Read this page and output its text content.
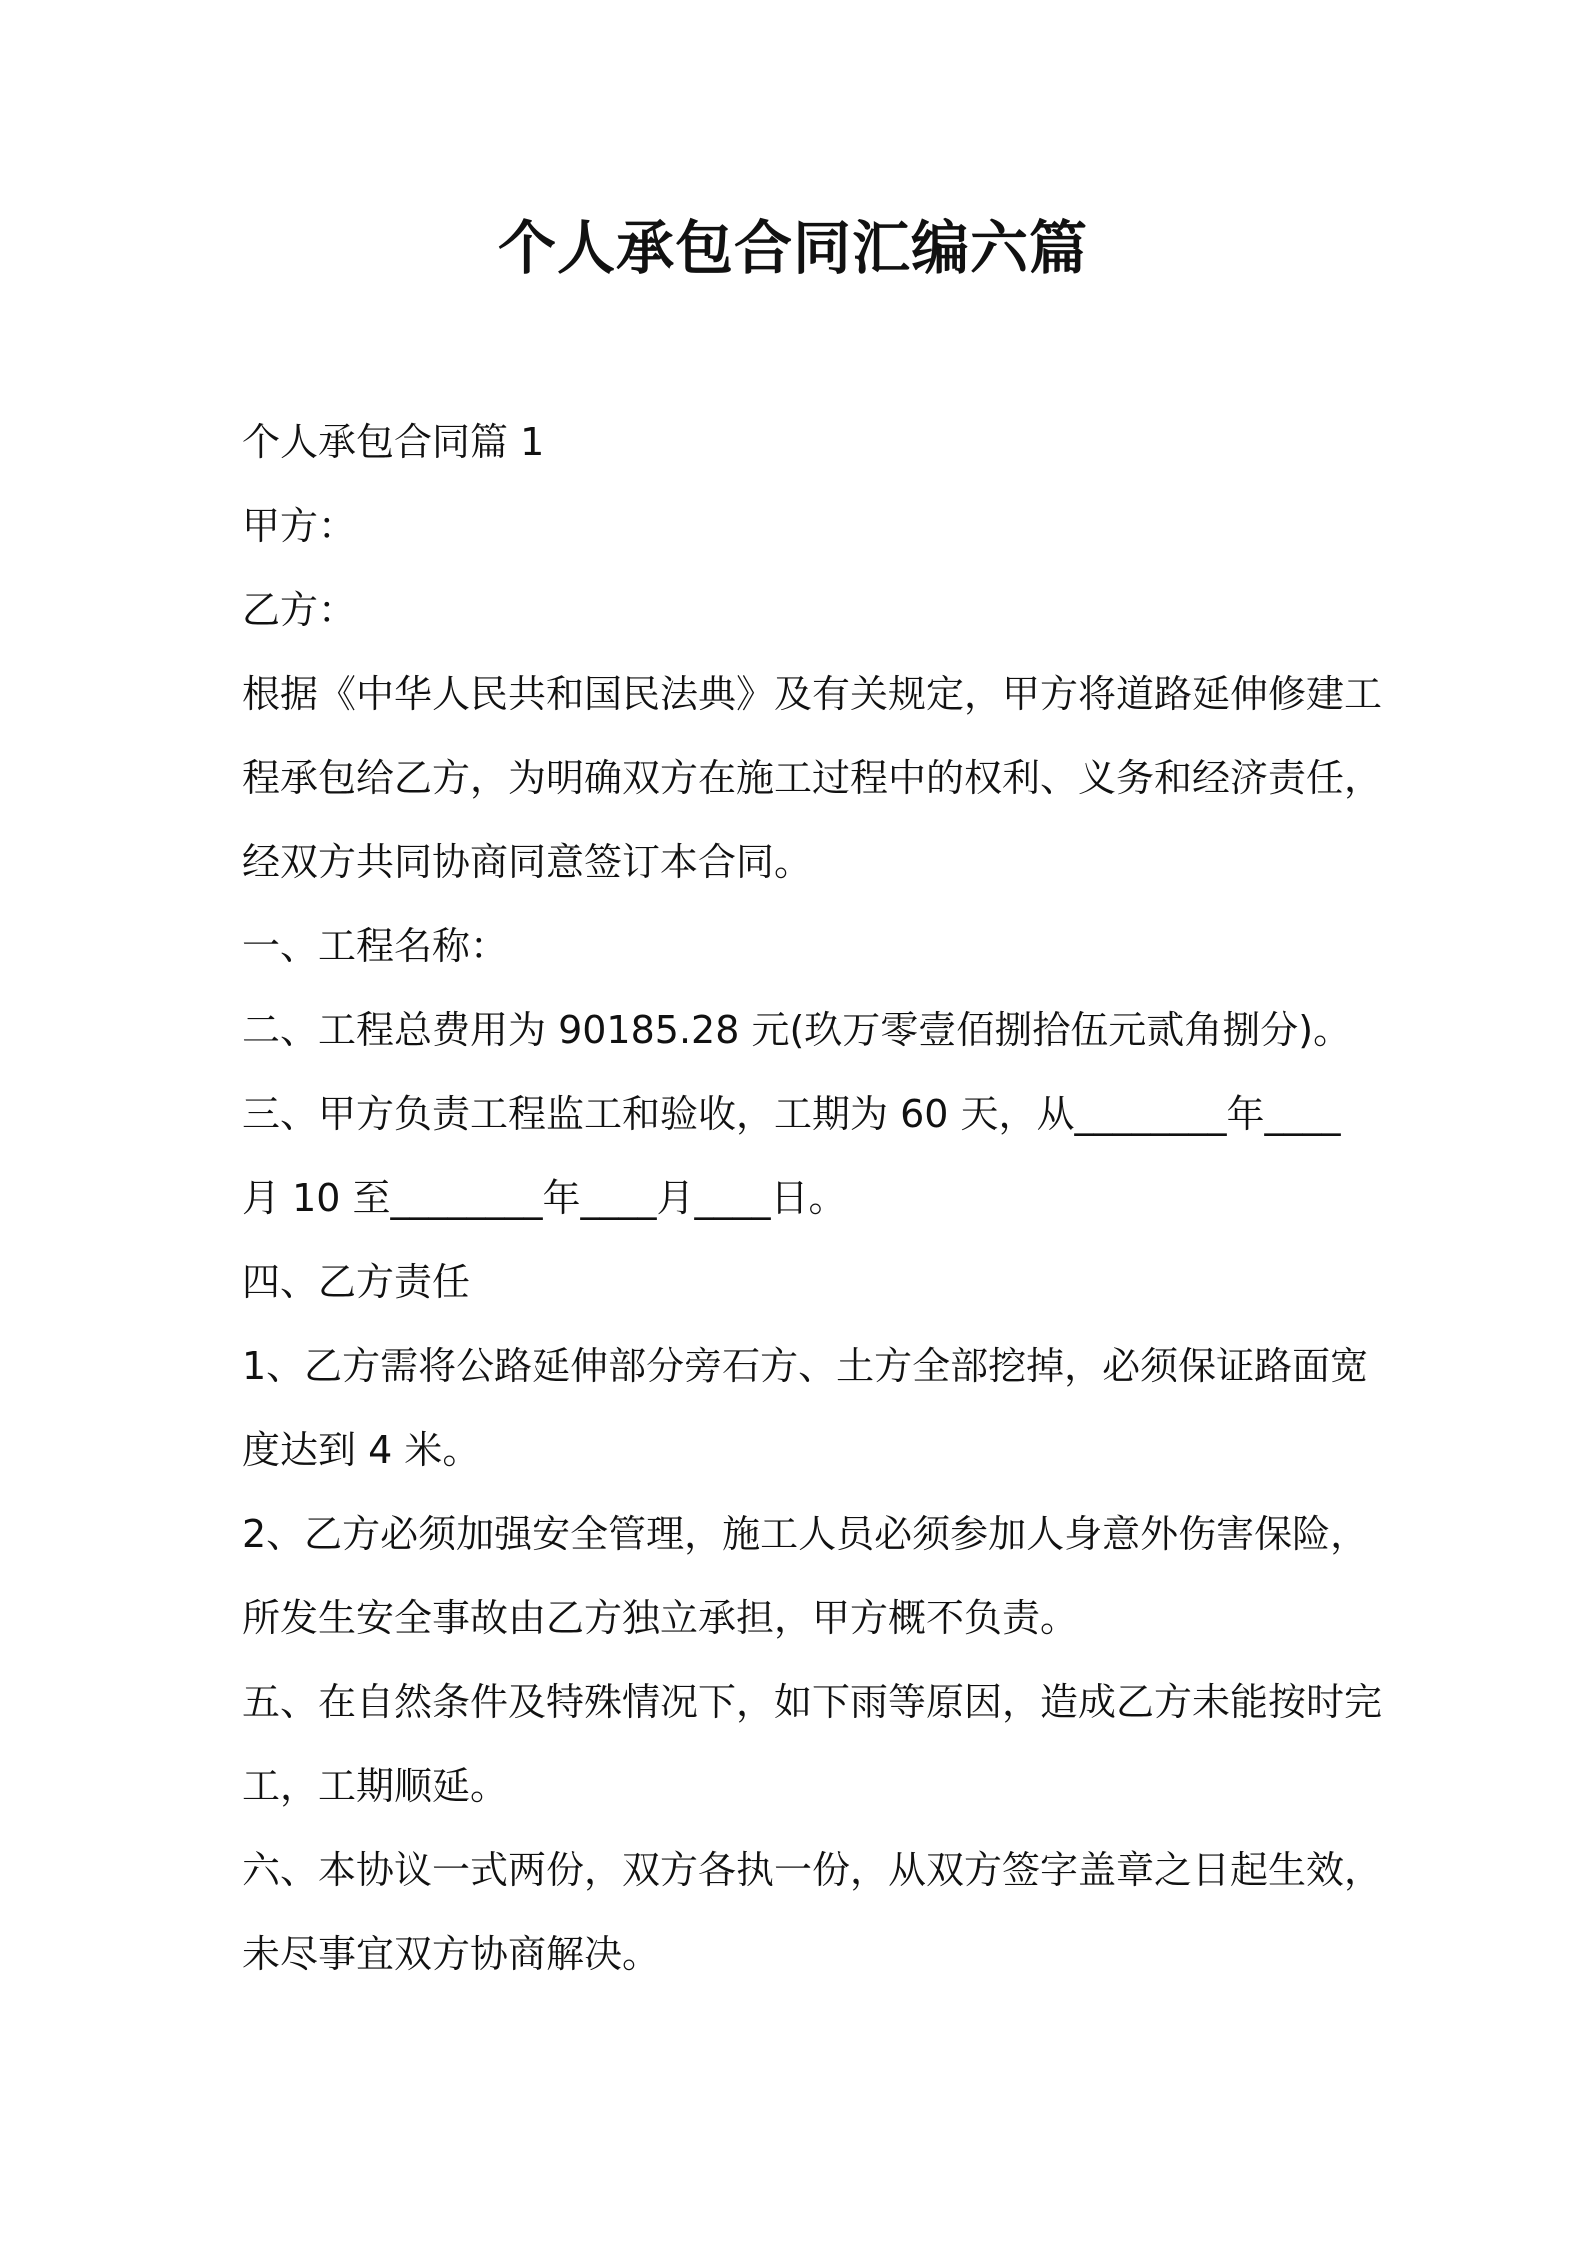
个人承包合同汇编六篇

个人承包合同篇 1

甲方：

乙方：

根据《中华人民共和国民法典》及有关规定，甲方将道路延伸修建工

程承包给乙方，为明确双方在施工过程中的权利、义务和经济责任，

经双方共同协商同意签订本合同。

一、工程名称：

二、工程总费用为 90185.28 元(玖万零壹佰捌拾伍元贰角捌分)。

三、甲方负责工程监工和验收，工期为 60 天，从________年____

月 10 至________年____月____日。

四、乙方责任

1、乙方需将公路延伸部分旁石方、土方全部挖掉，必须保证路面宽

度达到 4 米。

2、乙方必须加强安全管理，施工人员必须参加人身意外伤害保险，

所发生安全事故由乙方独立承担，甲方概不负责。

五、在自然条件及特殊情况下，如下雨等原因，造成乙方未能按时完

工，工期顺延。

六、本协议一式两份，双方各执一份，从双方签字盖章之日起生效，

未尽事宜双方协商解决。
